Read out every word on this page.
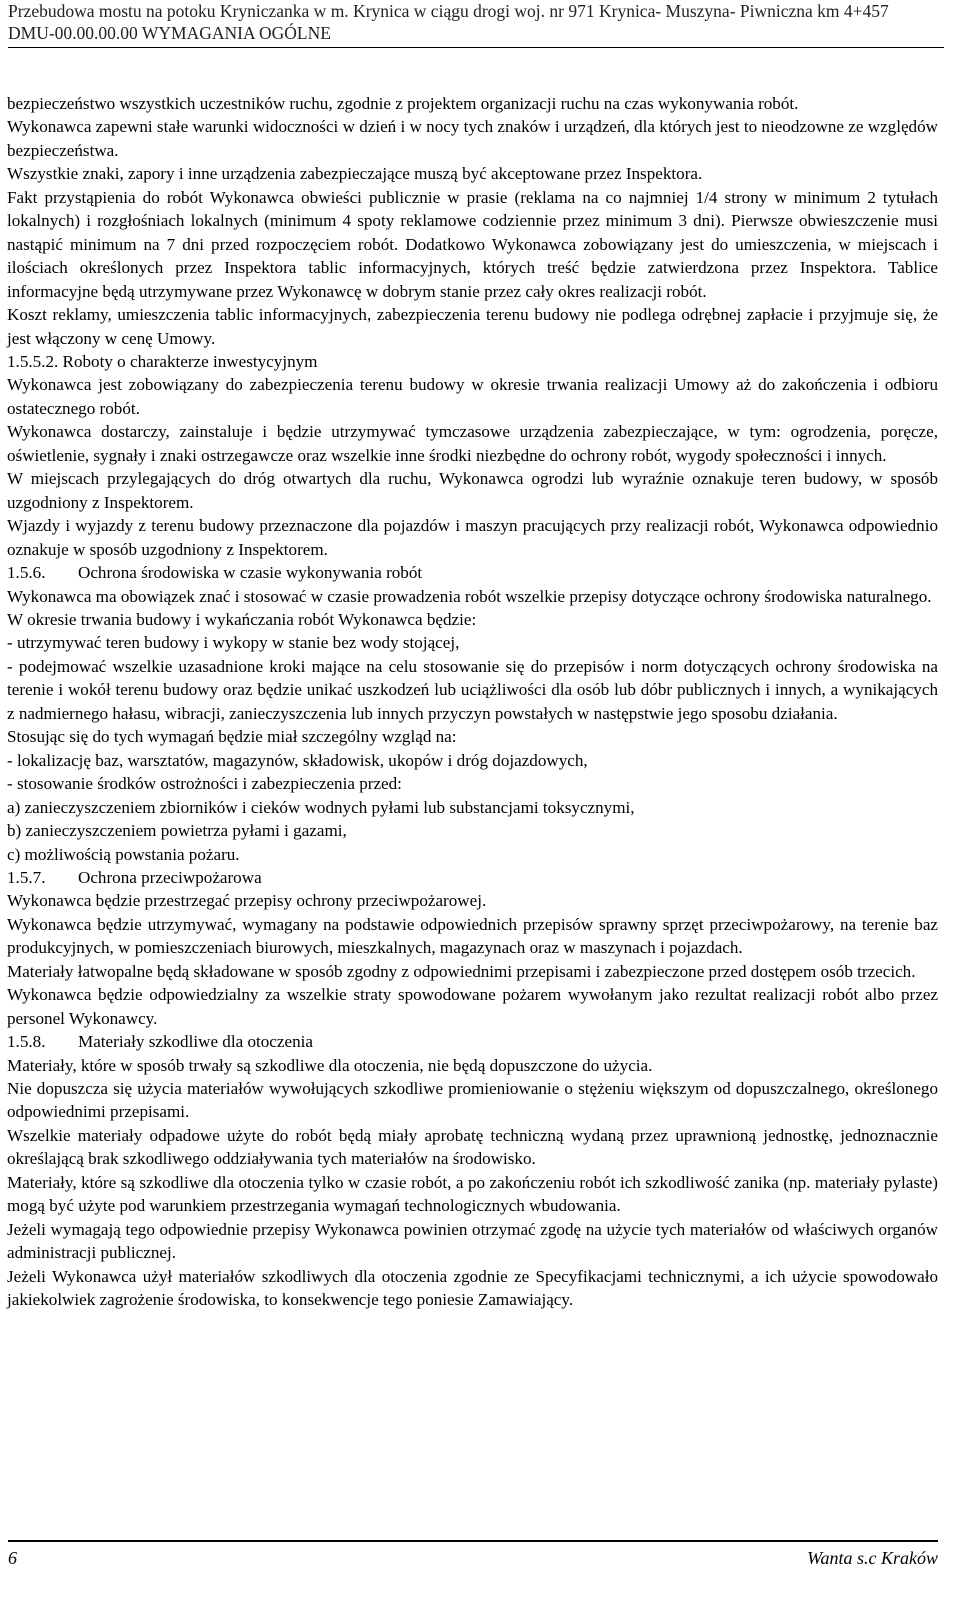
Przebudowa mostu na potoku Kryniczanka w m. Krynica w ciągu drogi woj. nr 971 Krynica- Muszyna- Piwniczna km 4+457
DMU-00.00.00.00 WYMAGANIA OGÓLNE

bezpieczeństwo wszystkich uczestników ruchu, zgodnie z projektem organizacji ruchu na czas wykonywania robót.

Wykonawca zapewni stałe warunki widoczności w dzień i w nocy tych znaków i urządzeń, dla których jest to nieodzowne ze względów bezpieczeństwa.

Wszystkie znaki, zapory i inne urządzenia zabezpieczające muszą być akceptowane przez Inspektora.

Fakt przystąpienia do robót Wykonawca obwieści publicznie w prasie (reklama na co najmniej 1/4 strony w minimum 2 tytułach lokalnych) i rozgłośniach lokalnych (minimum 4 spoty reklamowe codziennie przez minimum 3 dni). Pierwsze obwieszczenie musi nastąpić minimum na 7 dni przed rozpoczęciem robót. Dodatkowo Wykonawca zobowiązany jest do umieszczenia, w miejscach i ilościach określonych przez Inspektora tablic informacyjnych, których treść będzie zatwierdzona przez Inspektora. Tablice informacyjne będą utrzymywane przez Wykonawcę w dobrym stanie przez cały okres realizacji robót.

Koszt reklamy, umieszczenia tablic informacyjnych, zabezpieczenia terenu budowy nie podlega odrębnej zapłacie i przyjmuje się, że jest włączony w cenę Umowy.

1.5.5.2. Roboty o charakterze inwestycyjnym

Wykonawca jest zobowiązany do zabezpieczenia terenu budowy w okresie trwania realizacji Umowy aż do zakończenia i odbioru ostatecznego robót.

Wykonawca dostarczy, zainstaluje i będzie utrzymywać tymczasowe urządzenia zabezpieczające, w tym: ogrodzenia, poręcze, oświetlenie, sygnały i znaki ostrzegawcze oraz wszelkie inne środki niezbędne do ochrony robót, wygody społeczności i innych.

W miejscach przylegających do dróg otwartych dla ruchu, Wykonawca ogrodzi lub wyraźnie oznakuje teren budowy, w sposób uzgodniony z Inspektorem.

Wjazdy i wyjazdy z terenu budowy przeznaczone dla pojazdów i maszyn pracujących przy realizacji robót, Wykonawca odpowiednio oznakuje w sposób uzgodniony z Inspektorem.

1.5.6. Ochrona środowiska w czasie wykonywania robót

Wykonawca ma obowiązek znać i stosować w czasie prowadzenia robót wszelkie przepisy dotyczące ochrony środowiska naturalnego.

W okresie trwania budowy i wykańczania robót Wykonawca będzie:

- utrzymywać teren budowy i wykopy w stanie bez wody stojącej,

- podejmować wszelkie uzasadnione kroki mające na celu stosowanie się do przepisów i norm dotyczących ochrony środowiska na terenie i wokół terenu budowy oraz będzie unikać uszkodzeń lub uciążliwości dla osób lub dóbr publicznych i innych, a wynikających z nadmiernego hałasu, wibracji, zanieczyszczenia lub innych przyczyn powstałych w następstwie jego sposobu działania.

Stosując się do tych wymagań będzie miał szczególny wzgląd na:

- lokalizację baz, warsztatów, magazynów, składowisk, ukopów i dróg dojazdowych,

- stosowanie środków ostrożności i zabezpieczenia przed:

a) zanieczyszczeniem zbiorników i cieków wodnych pyłami lub substancjami toksycznymi,

b) zanieczyszczeniem powietrza pyłami i gazami,

c) możliwością powstania pożaru.

1.5.7. Ochrona przeciwpożarowa

Wykonawca będzie przestrzegać przepisy ochrony przeciwpożarowej.

Wykonawca będzie utrzymywać, wymagany na podstawie odpowiednich przepisów sprawny sprzęt przeciwpożarowy, na terenie baz produkcyjnych, w pomieszczeniach biurowych, mieszkalnych, magazynach oraz w maszynach i pojazdach.

Materiały łatwopalne będą składowane w sposób zgodny z odpowiednimi przepisami i zabezpieczone przed dostępem osób trzecich.

Wykonawca będzie odpowiedzialny za wszelkie straty spowodowane pożarem wywołanym jako rezultat realizacji robót albo przez personel Wykonawcy.

1.5.8. Materiały szkodliwe dla otoczenia

Materiały, które w sposób trwały są szkodliwe dla otoczenia, nie będą dopuszczone do użycia.

Nie dopuszcza się użycia materiałów wywołujących szkodliwe promieniowanie o stężeniu większym od dopuszczalnego, określonego odpowiednimi przepisami.

Wszelkie materiały odpadowe użyte do robót będą miały aprobatę techniczną wydaną przez uprawnioną jednostkę, jednoznacznie określającą brak szkodliwego oddziaływania tych materiałów na środowisko.

Materiały, które są szkodliwe dla otoczenia tylko w czasie robót, a po zakończeniu robót ich szkodliwość zanika (np. materiały pylaste) mogą być użyte pod warunkiem przestrzegania wymagań technologicznych wbudowania.

Jeżeli wymagają tego odpowiednie przepisy Wykonawca powinien otrzymać zgodę na użycie tych materiałów od właściwych organów administracji publicznej.

Jeżeli Wykonawca użył materiałów szkodliwych dla otoczenia zgodnie ze Specyfikacjami technicznymi, a ich użycie spowodowało jakiekolwiek zagrożenie środowiska, to konsekwencje tego poniesie Zamawiający.

6	Wanta s.c Kraków
